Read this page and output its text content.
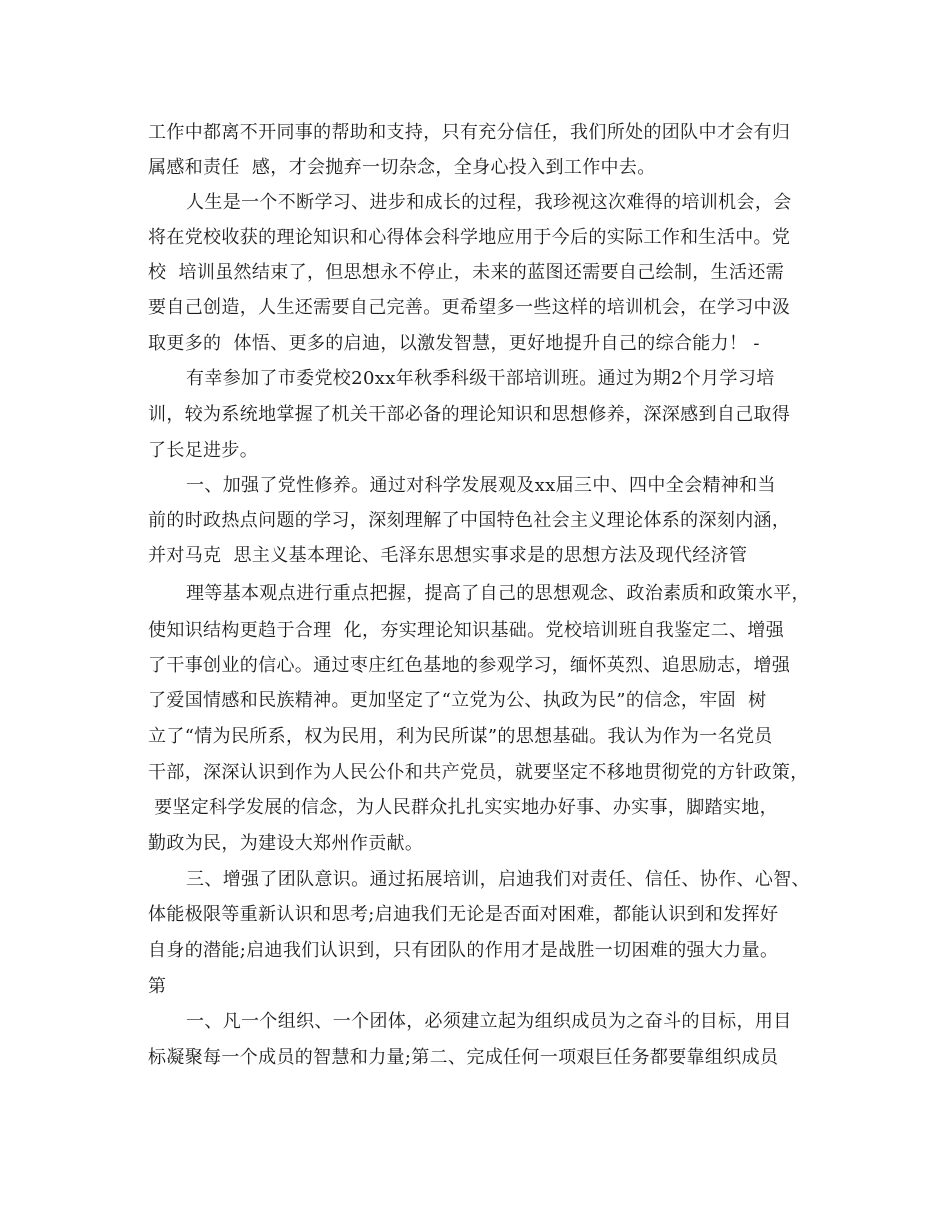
工作中都离不开同事的帮助和支持，只有充分信任，我们所处的团队中才会有归
属感和责任  感，才会抛弃一切杂念，全身心投入到工作中去。
人生是一个不断学习、进步和成长的过程，我珍视这次难得的培训机会，会
将在党校收获的理论知识和心得体会科学地应用于今后的实际工作和生活中。党
校  培训虽然结束了，但思想永不停止，未来的蓝图还需要自己绘制，生活还需
要自己创造，人生还需要自己完善。更希望多一些这样的培训机会，在学习中汲
取更多的  体悟、更多的启迪，以激发智慧，更好地提升自己的综合能力！ -
有幸参加了市委党校20xx年秋季科级干部培训班。通过为期2个月学习培
训，较为系统地掌握了机关干部必备的理论知识和思想修养，深深感到自己取得
了长足进步。
一、加强了党性修养。通过对科学发展观及xx届三中、四中全会精神和当
前的时政热点问题的学习，深刻理解了中国特色社会主义理论体系的深刻内涵，
并对马克  思主义基本理论、毛泽东思想实事求是的思想方法及现代经济管
理等基本观点进行重点把握，提高了自己的思想观念、政治素质和政策水平，
使知识结构更趋于合理  化，夯实理论知识基础。党校培训班自我鉴定二、增强
了干事创业的信心。通过枣庄红色基地的参观学习，缅怀英烈、追思励志，增强
了爱国情感和民族精神。更加坚定了“立党为公、执政为民”的信念，牢固  树
立了“情为民所系，权为民用，利为民所谋”的思想基础。我认为作为一名党员
干部，深深认识到作为人民公仆和共产党员，就要坚定不移地贯彻党的方针政策，
要坚定科学发展的信念，为人民群众扎扎实实地办好事、办实事，脚踏实地，
勤政为民，为建设大郑州作贡献。
三、增强了团队意识。通过拓展培训，启迪我们对责任、信任、协作、心智、
体能极限等重新认识和思考;启迪我们无论是否面对困难，都能认识到和发挥好
自身的潜能;启迪我们认识到，只有团队的作用才是战胜一切困难的强大力量。
第
一、凡一个组织、一个团体，必须建立起为组织成员为之奋斗的目标，用目
标凝聚每一个成员的智慧和力量;第二、完成任何一项艰巨任务都要靠组织成员
